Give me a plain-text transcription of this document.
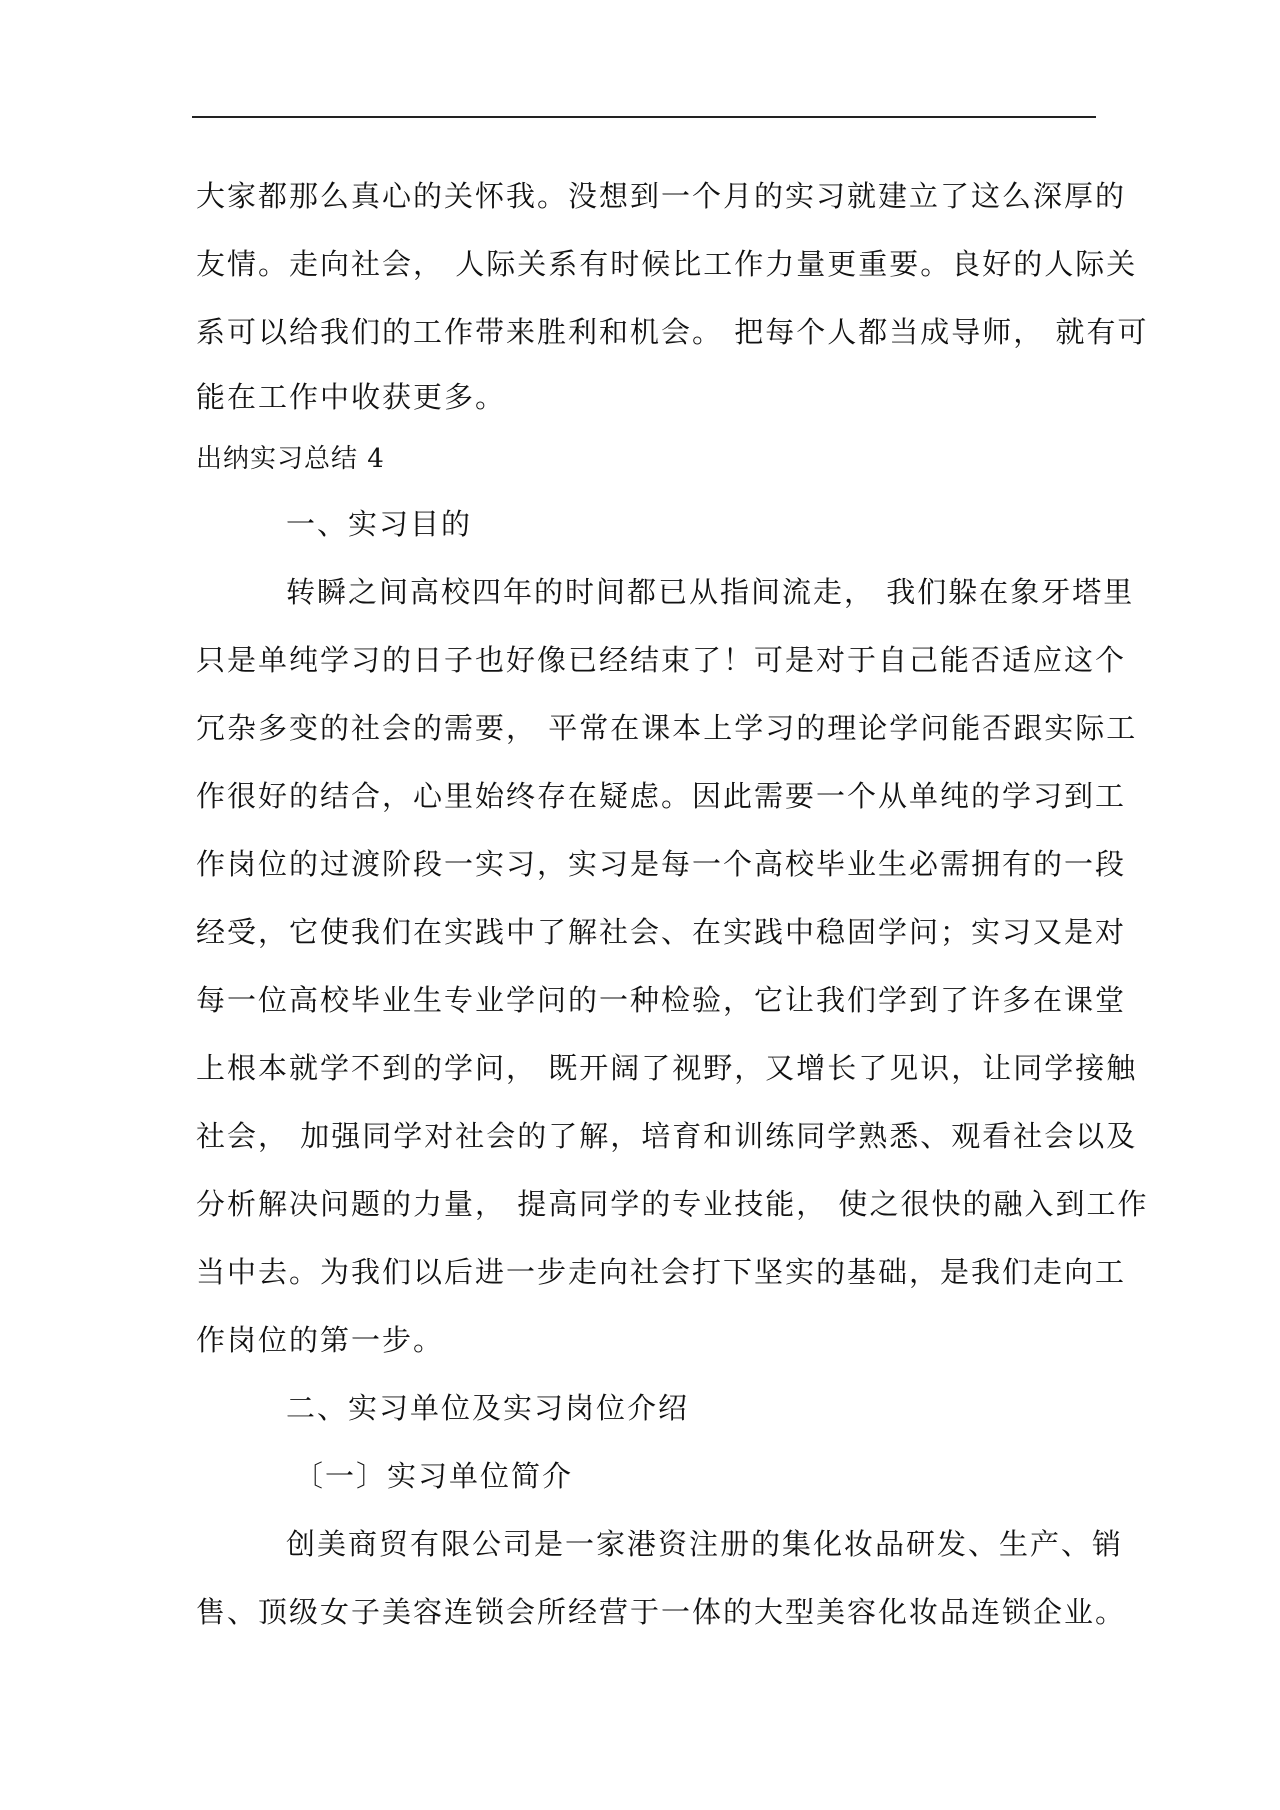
大家都那么真心的关怀我。没想到一个月的实习就建立了这么深厚的
友情。走向社会， 人际关系有时候比工作力量更重要。良好的人际关
系可以给我们的工作带来胜利和机会。 把每个人都当成导师， 就有可
能在工作中收获更多。
出纳实习总结 4
一、实习目的
转瞬之间高校四年的时间都已从指间流走， 我们躲在象牙塔里
只是单纯学习的日子也好像已经结束了！可是对于自己能否适应这个
冗杂多变的社会的需要， 平常在课本上学习的理论学问能否跟实际工
作很好的结合，心里始终存在疑虑。因此需要一个从单纯的学习到工
作岗位的过渡阶段一实习，实习是每一个高校毕业生必需拥有的一段
经受，它使我们在实践中了解社会、在实践中稳固学问；实习又是对
每一位高校毕业生专业学问的一种检验，它让我们学到了许多在课堂
上根本就学不到的学问， 既开阔了视野，又增长了见识，让同学接触
社会， 加强同学对社会的了解，培育和训练同学熟悉、观看社会以及
分析解决问题的力量， 提高同学的专业技能， 使之很快的融入到工作
当中去。为我们以后进一步走向社会打下坚实的基础，是我们走向工
作岗位的第一步。
二、实习单位及实习岗位介绍
〔一〕实习单位简介
创美商贸有限公司是一家港资注册的集化妆品研发、生产、销
售、顶级女子美容连锁会所经营于一体的大型美容化妆品连锁企业。
